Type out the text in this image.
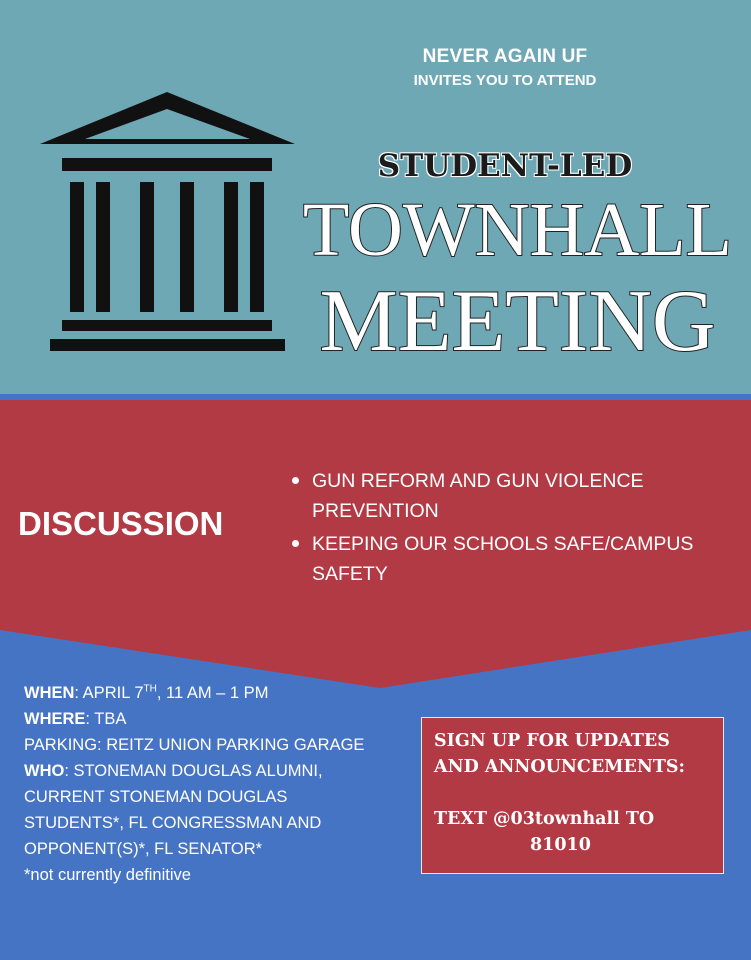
NEVER AGAIN UF
INVITES YOU TO ATTEND
STUDENT-LED
TOWNHALL
MEETING
DISCUSSION
GUN REFORM AND GUN VIOLENCE
PREVENTION
KEEPING OUR SCHOOLS SAFE/CAMPUS
SAFETY
WHEN: APRIL 7TH, 11 AM – 1 PM
WHERE: TBA
PARKING: REITZ UNION PARKING GARAGE
WHO: STONEMAN DOUGLAS ALUMNI,
CURRENT STONEMAN DOUGLAS
STUDENTS*, FL CONGRESSMAN AND
OPPONENT(S)*, FL SENATOR*
*not currently definitive
SIGN UP FOR UPDATES
AND ANNOUNCEMENTS:
TEXT @03townhall TO
81010
